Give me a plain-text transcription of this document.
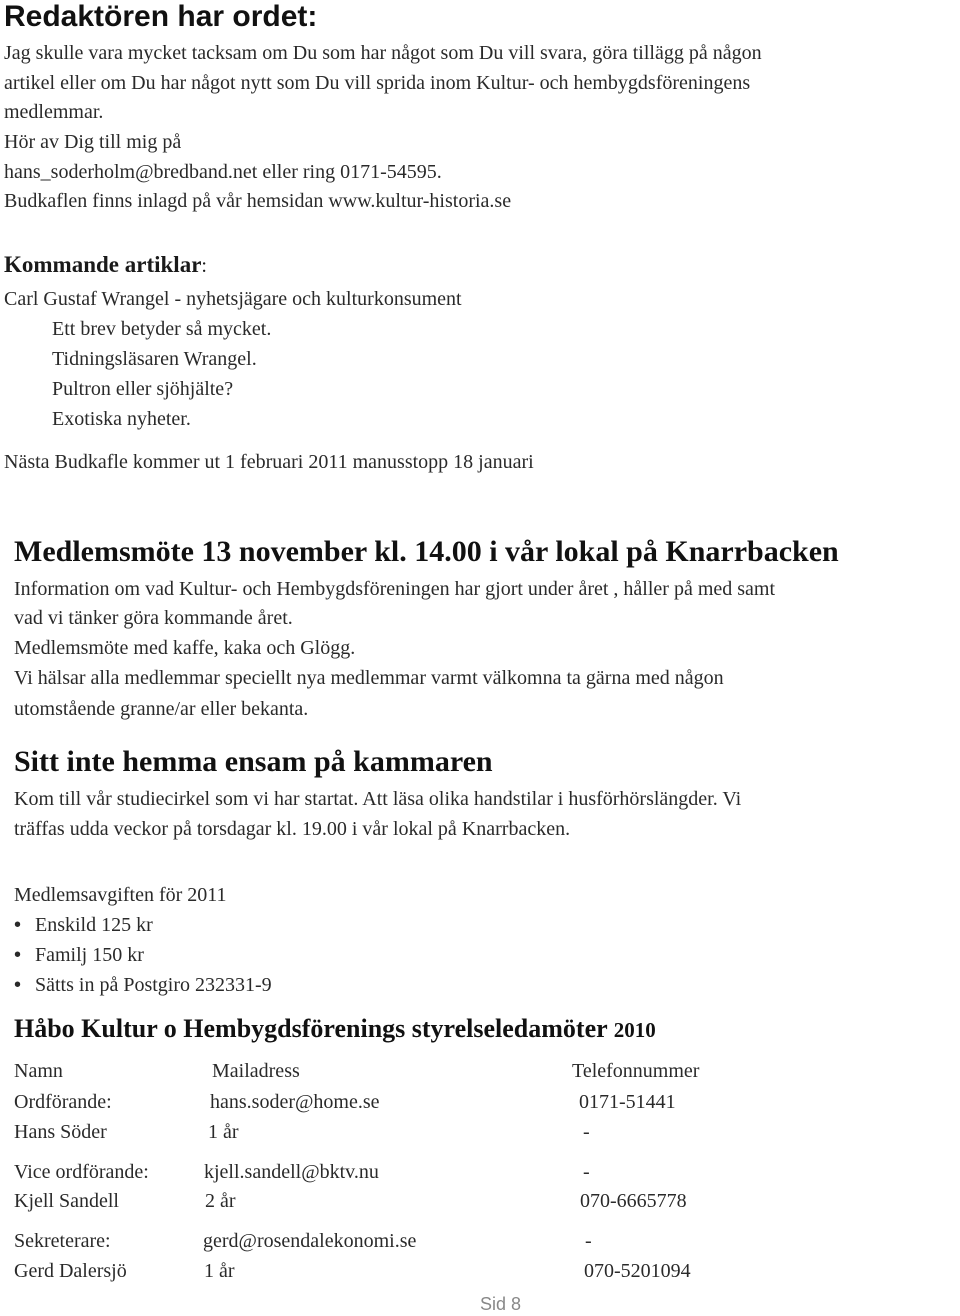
Redaktören har ordet:
Jag skulle vara mycket tacksam om Du som har något som Du vill svara, göra tillägg på någon
artikel eller om Du har något nytt som Du vill sprida inom Kultur- och hembygdsföreningens
medlemmar.
Hör av Dig till mig på
hans_soderholm@bredband.net eller ring 0171-54595.
Budkaflen finns inlagd på vår hemsidan www.kultur-historia.se
Kommande artiklar:
Carl Gustaf Wrangel - nyhetsjägare och kulturkonsument
Ett brev betyder så mycket.
Tidningsläsaren Wrangel.
Pultron eller sjöhjälte?
Exotiska nyheter.
Nästa Budkafle kommer ut 1 februari 2011 manusstopp 18 januari
Medlemsmöte 13 november kl. 14.00 i vår lokal på Knarrbacken
Information om vad Kultur- och Hembygdsföreningen har gjort under året , håller på med samt
vad vi tänker göra kommande året.
Medlemsmöte med kaffe, kaka och Glögg.
Vi hälsar alla medlemmar speciellt nya medlemmar varmt välkomna ta gärna med någon
utomstående granne/ar eller bekanta.
Sitt inte hemma ensam på kammaren
Kom till vår studiecirkel som vi har startat. Att läsa olika handstilar i husförhörslängder. Vi
träffas udda veckor på torsdagar kl. 19.00 i vår lokal på Knarrbacken.
Medlemsavgiften för 2011
• Enskild 125 kr
• Familj 150 kr
• Sätts in på Postgiro 232331-9
Håbo Kultur o Hembygdsförenings styrelseledamöter 2010
Namn	Mailadress	Telefonnummer
Ordförande:	hans.soder@home.se	0171-51441
Hans Söder	1 år	-
Vice ordförande:	kjell.sandell@bktv.nu	-
Kjell Sandell	2 år	070-6665778
Sekreterare:	gerd@rosendalekonomi.se	-
Gerd Dalersjö	1 år	070-5201094
Sid 8
